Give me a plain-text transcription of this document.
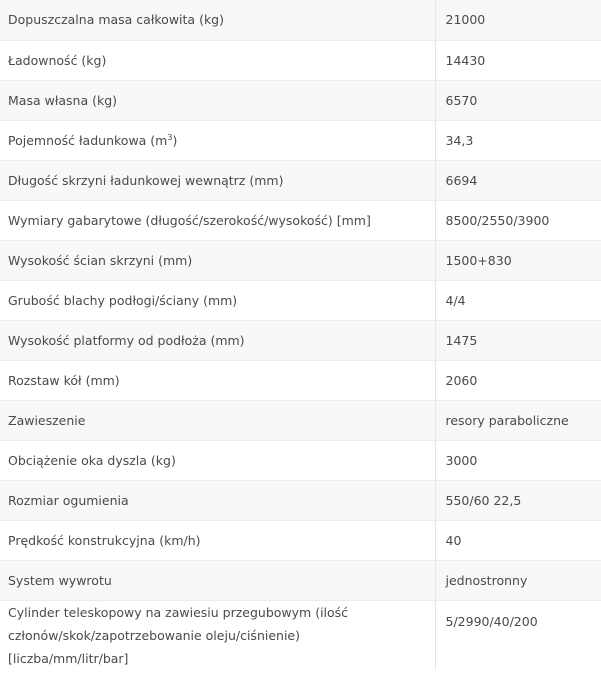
Dopuszczalna masa całkowita (kg)	21000
Ładowność (kg)	14430
Masa własna (kg)	6570
Pojemność ładunkowa $(m^3)$	34,3
Długość skrzyni ładunkowej wewnątrz (mm)	6694
Wymiary gabarytowe (długość/szerokość/wysokość) [mm]	8500/2550/3900
Wysokość ścian skrzyni (mm)	1500+830
Grubość blachy podłogi/ściany (mm)	4/4
Wysokość platformy od podłoża (mm)	1475
Rozstaw kół (mm)	2060
Zawieszenie	resory paraboliczne
Obciążenie oka dyszla (kg)	3000
Rozmiar ogumienia	550/60 22,5
Prędkość konstrukcyjna (km/h)	40
System wywrotu	jednostronny
Cylinder teleskopowy na zawiesiu przegubowym (ilość członów/skok/zapotrzebowanie oleju/ciśnienie) [liczba/mm/litr/bar]	5/2990/40/200
